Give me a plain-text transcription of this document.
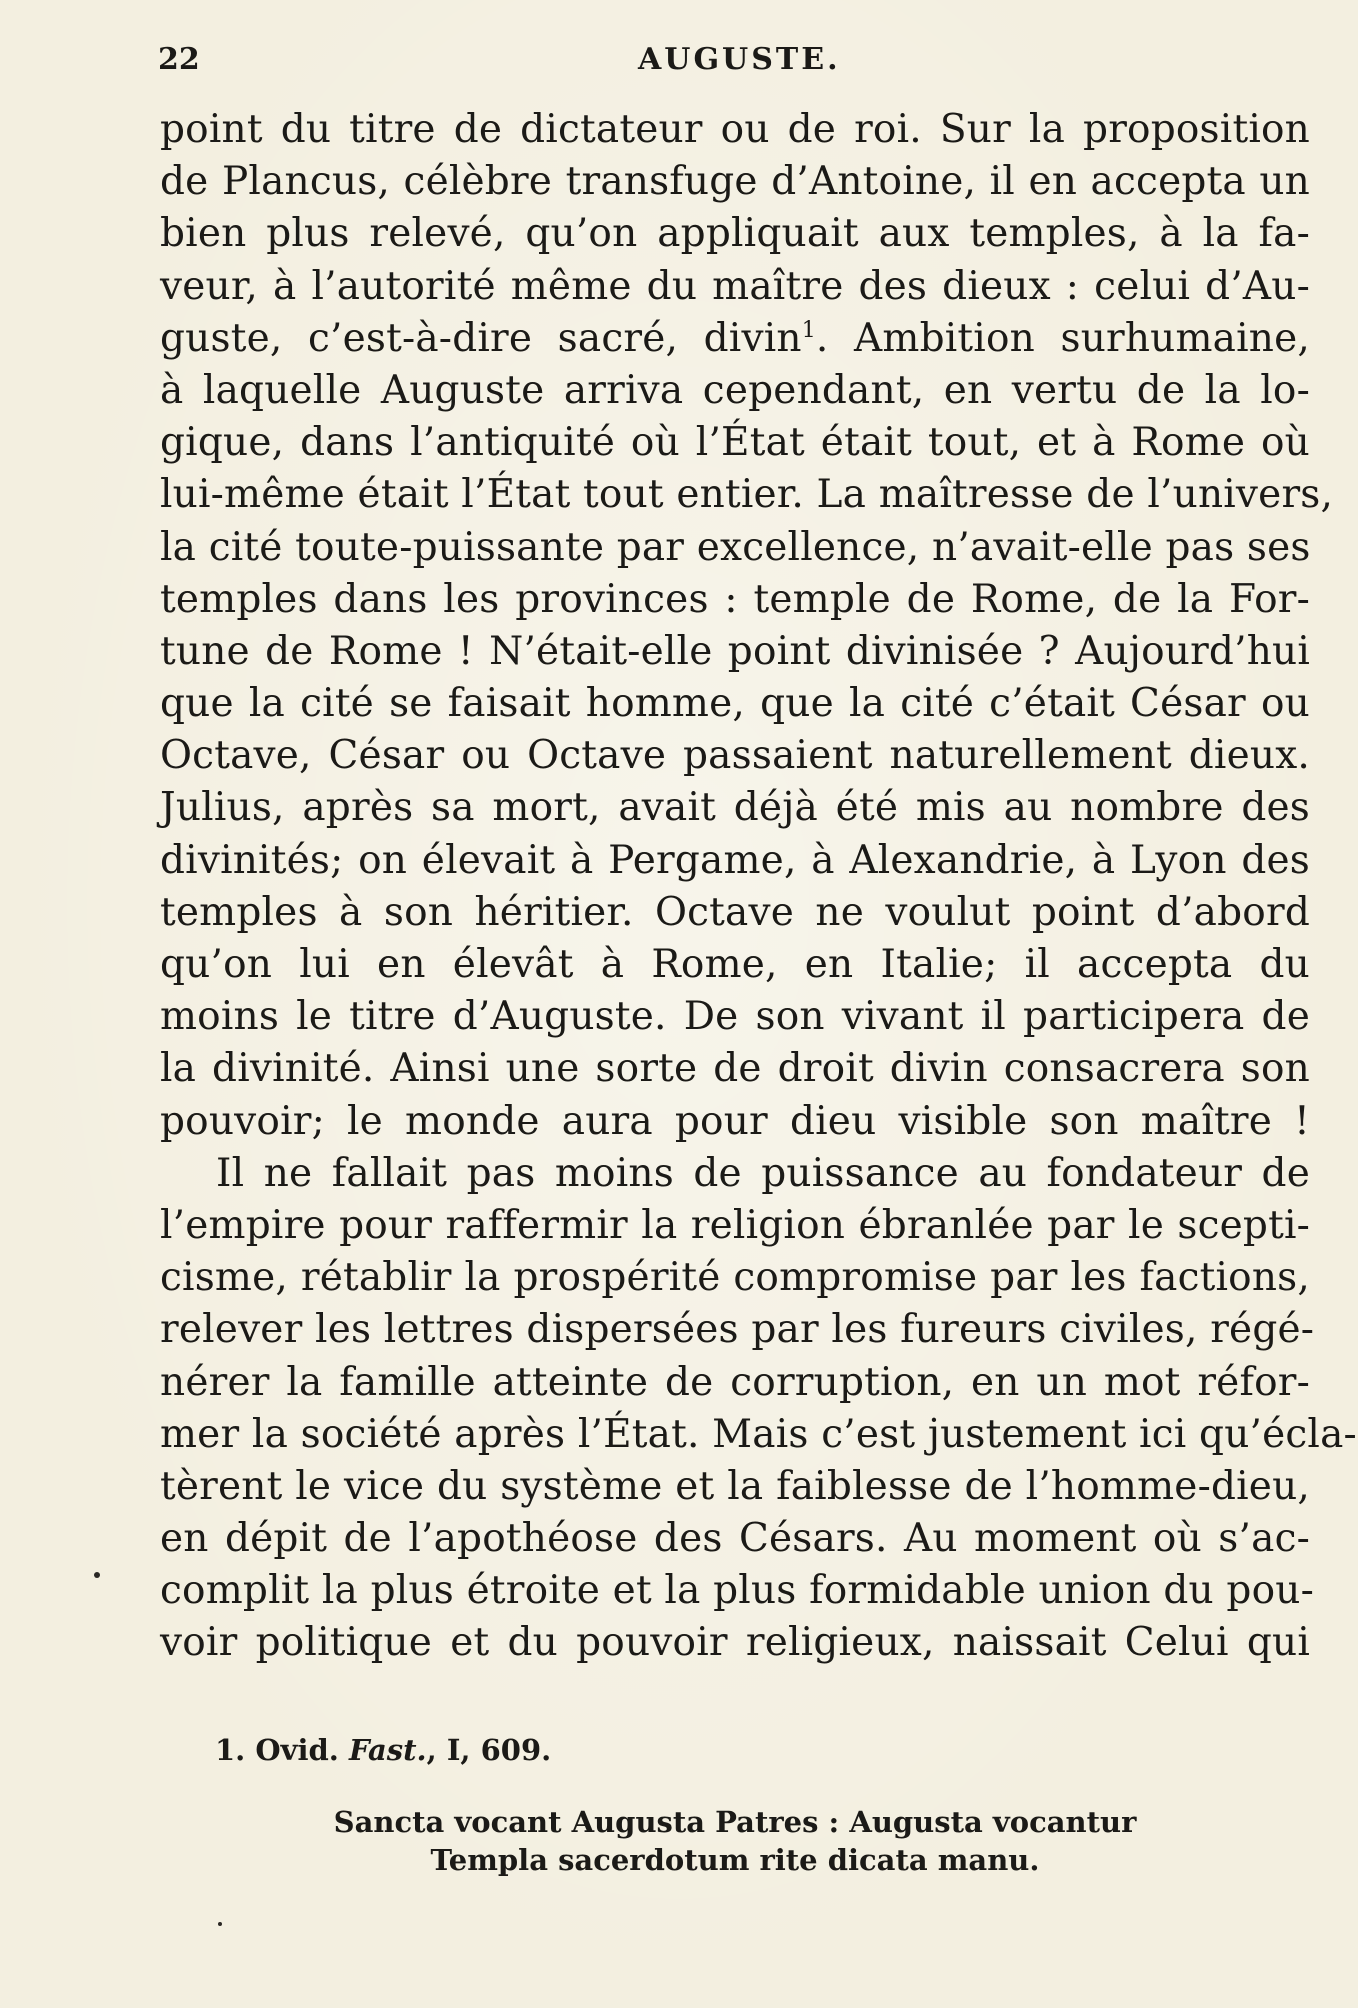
22	AUGUSTE.
point du titre de dictateur ou de roi. Sur la proposition
de Plancus, célèbre transfuge d’Antoine, il en accepta un
bien plus relevé, qu’on appliquait aux temples, à la fa-
veur, à l’autorité même du maître des dieux : celui d’Au-
guste, c’est-à-dire sacré, divin$^1$. Ambition surhumaine,
à laquelle Auguste arriva cependant, en vertu de la lo-
gique, dans l’antiquité où l’État était tout, et à Rome où
lui-même était l’État tout entier. La maîtresse de l’univers,
la cité toute-puissante par excellence, n’avait-elle pas ses
temples dans les provinces : temple de Rome, de la For-
tune de Rome ! N’était-elle point divinisée ? Aujourd’hui
que la cité se faisait homme, que la cité c’était César ou
Octave, César ou Octave passaient naturellement dieux.
Julius, après sa mort, avait déjà été mis au nombre des
divinités; on élevait à Pergame, à Alexandrie, à Lyon des
temples à son héritier. Octave ne voulut point d’abord
qu’on lui en élevât à Rome, en Italie; il accepta du
moins le titre d’Auguste. De son vivant il participera de
la divinité. Ainsi une sorte de droit divin consacrera son
pouvoir; le monde aura pour dieu visible son maître !
Il ne fallait pas moins de puissance au fondateur de
l’empire pour raffermir la religion ébranlée par le scepti-
cisme, rétablir la prospérité compromise par les factions,
relever les lettres dispersées par les fureurs civiles, régé-
nérer la famille atteinte de corruption, en un mot réfor-
mer la société après l’État. Mais c’est justement ici qu’écla-
tèrent le vice du système et la faiblesse de l’homme-dieu,
en dépit de l’apothéose des Césars. Au moment où s’ac-
complit la plus étroite et la plus formidable union du pou-
voir politique et du pouvoir religieux, naissait Celui qui
1. Ovid. Fast., I, 609.
Sancta vocant Augusta Patres : Augusta vocantur
Templa sacerdotum rite dicata manu.
